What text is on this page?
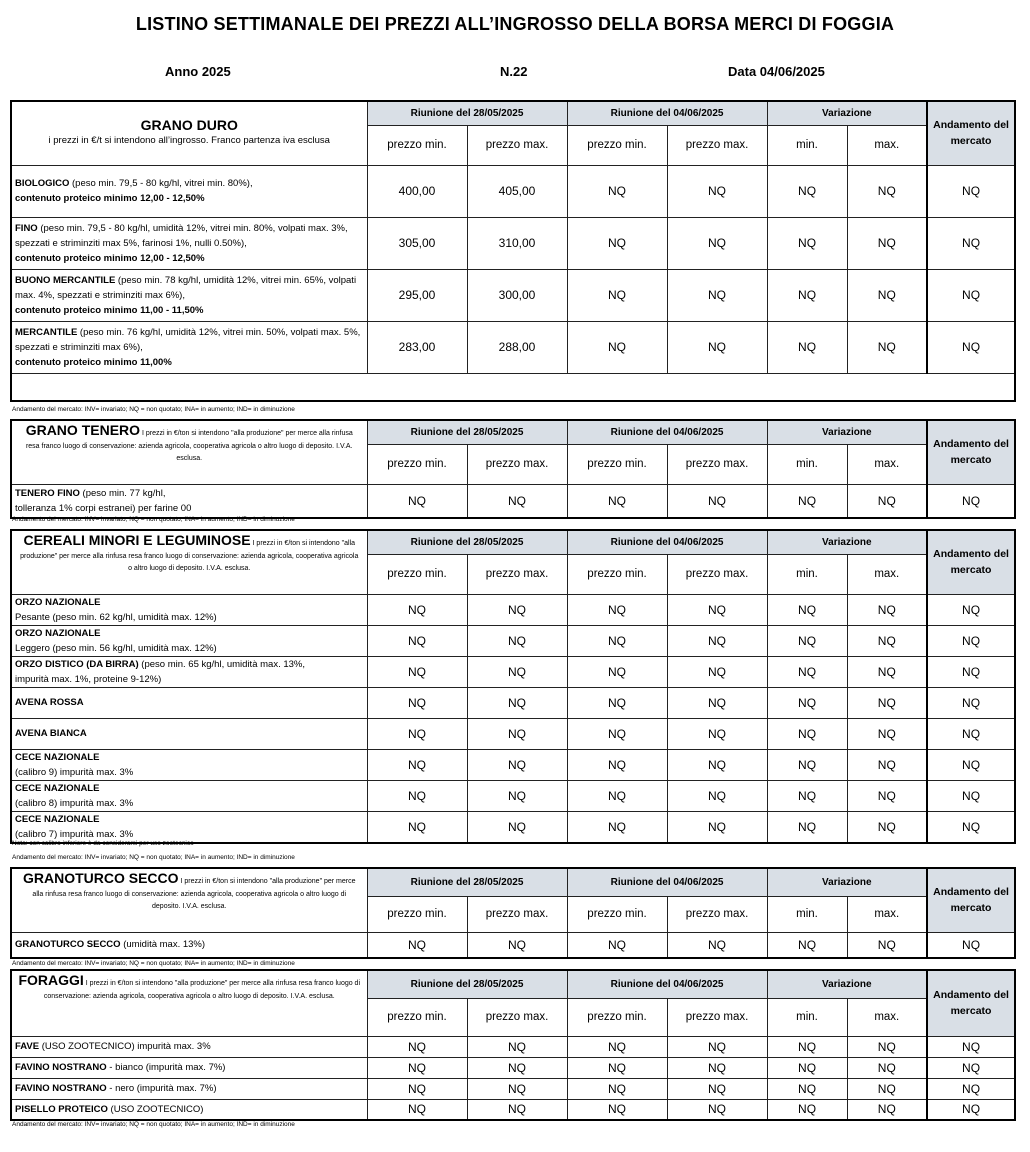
LISTINO SETTIMANALE DEI PREZZI ALL’INGROSSO DELLA BORSA MERCI DI FOGGIA
Anno 2025	N.22	Data 04/06/2025
GRANO DURO
i prezzi in €/t si intendono all’ingrosso. Franco partenza iva esclusa	Riunione del 28/05/2025		Riunione del 04/06/2025		Variazione		Andamento del mercato
	prezzo min.	prezzo max.	prezzo min.	prezzo max.	min.	max.	
BIOLOGICO (peso min. 79,5 - 80 kg/hl, vitrei min. 80%),
contenuto proteico minimo 12,00 - 12,50%	400,00	405,00	NQ	NQ	NQ	NQ	NQ
FINO (peso min. 79,5 - 80 kg/hl, umidità 12%, vitrei min. 80%, volpati max. 3%, spezzati e striminziti max 5%, farinosi 1%, nulli 0.50%),
contenuto proteico minimo 12,00 - 12,50%	305,00	310,00	NQ	NQ	NQ	NQ	NQ
BUONO MERCANTILE (peso min. 78 kg/hl, umidità 12%, vitrei min. 65%, volpati max. 4%, spezzati e striminziti max 6%),
contenuto proteico minimo 11,00 - 11,50%	295,00	300,00	NQ	NQ	NQ	NQ	NQ
MERCANTILE (peso min. 76 kg/hl, umidità 12%, vitrei min. 50%, volpati max. 5%, spezzati e striminziti max 6%),
contenuto proteico minimo 11,00%	283,00	288,00	NQ	NQ	NQ	NQ	NQ

GRANO TENERO I prezzi in €/ton si intendono "alla produzione" per merce alla rinfusa resa franco luogo di conservazione: azienda agricola, cooperativa agricola o altro luogo di deposito. I.V.A. esclusa.	Riunione del 28/05/2025		Riunione del 04/06/2025		Variazione		Andamento del mercato
	prezzo min.	prezzo max.	prezzo min.	prezzo max.	min.	max.	
TENERO FINO (peso min. 77 kg/hl,
tolleranza 1% corpi estranei) per farine 00	NQ	NQ	NQ	NQ	NQ	NQ	NQ
CEREALI MINORI E LEGUMINOSE I prezzi in €/ton si intendono "alla produzione" per merce alla rinfusa resa franco luogo di conservazione: azienda agricola, cooperativa agricola o altro luogo di deposito. I.V.A. esclusa.	Riunione del 28/05/2025		Riunione del 04/06/2025		Variazione		Andamento del mercato
	prezzo min.	prezzo max.	prezzo min.	prezzo max.	min.	max.	
ORZO NAZIONALE
Pesante (peso min. 62 kg/hl, umidità max. 12%)	NQ	NQ	NQ	NQ	NQ	NQ	NQ
ORZO NAZIONALE
Leggero (peso min. 56 kg/hl, umidità max. 12%)	NQ	NQ	NQ	NQ	NQ	NQ	NQ
ORZO DISTICO (DA BIRRA) (peso min. 65 kg/hl, umidità max. 13%,
impurità max. 1%, proteine 9-12%)	NQ	NQ	NQ	NQ	NQ	NQ	NQ
AVENA ROSSA	NQ	NQ	NQ	NQ	NQ	NQ	NQ
AVENA BIANCA	NQ	NQ	NQ	NQ	NQ	NQ	NQ
CECE NAZIONALE
(calibro 9) impurità max. 3%	NQ	NQ	NQ	NQ	NQ	NQ	NQ
CECE NAZIONALE
(calibro 8) impurità max. 3%	NQ	NQ	NQ	NQ	NQ	NQ	NQ
CECE NAZIONALE
(calibro 7) impurità max. 3%	NQ	NQ	NQ	NQ	NQ	NQ	NQ
GRANOTURCO SECCO I prezzi in €/ton si intendono "alla produzione" per merce alla rinfusa resa franco luogo di conservazione: azienda agricola, cooperativa agricola o altro luogo di deposito. I.V.A. esclusa.	Riunione del 28/05/2025		Riunione del 04/06/2025		Variazione		Andamento del mercato
	prezzo min.	prezzo max.	prezzo min.	prezzo max.	min.	max.	
GRANOTURCO SECCO (umidità max. 13%)	NQ	NQ	NQ	NQ	NQ	NQ	NQ
FORAGGI I prezzi in €/ton si intendono "alla produzione" per merce alla rinfusa resa franco luogo di conservazione: azienda agricola, cooperativa agricola o altro luogo di deposito. I.V.A. esclusa.	Riunione del 28/05/2025		Riunione del 04/06/2025		Variazione		Andamento del mercato
	prezzo min.	prezzo max.	prezzo min.	prezzo max.	min.	max.	
FAVE (USO ZOOTECNICO) impurità max. 3%	NQ	NQ	NQ	NQ	NQ	NQ	NQ
FAVINO NOSTRANO - bianco (impurità max. 7%)	NQ	NQ	NQ	NQ	NQ	NQ	NQ
FAVINO NOSTRANO - nero (impurità max. 7%)	NQ	NQ	NQ	NQ	NQ	NQ	NQ
PISELLO PROTEICO (USO ZOOTECNICO)	NQ	NQ	NQ	NQ	NQ	NQ	NQ
Andamento del mercato: INV= invariato; NQ = non quotato; INA= in aumento; IND= in diminuzione
Andamento del mercato: INV= invariato; NQ = non quotato; INA= in aumento; IND= in diminuzione
Nota: con calibro inferiore è da considerarsi per uso zootecnico
Andamento del mercato: INV= invariato; NQ = non quotato; INA= in aumento; IND= in diminuzione
Andamento del mercato: INV= invariato; NQ = non quotato; INA= in aumento; IND= in diminuzione
Andamento del mercato: INV= invariato; NQ = non quotato; INA= in aumento; IND= in diminuzione
